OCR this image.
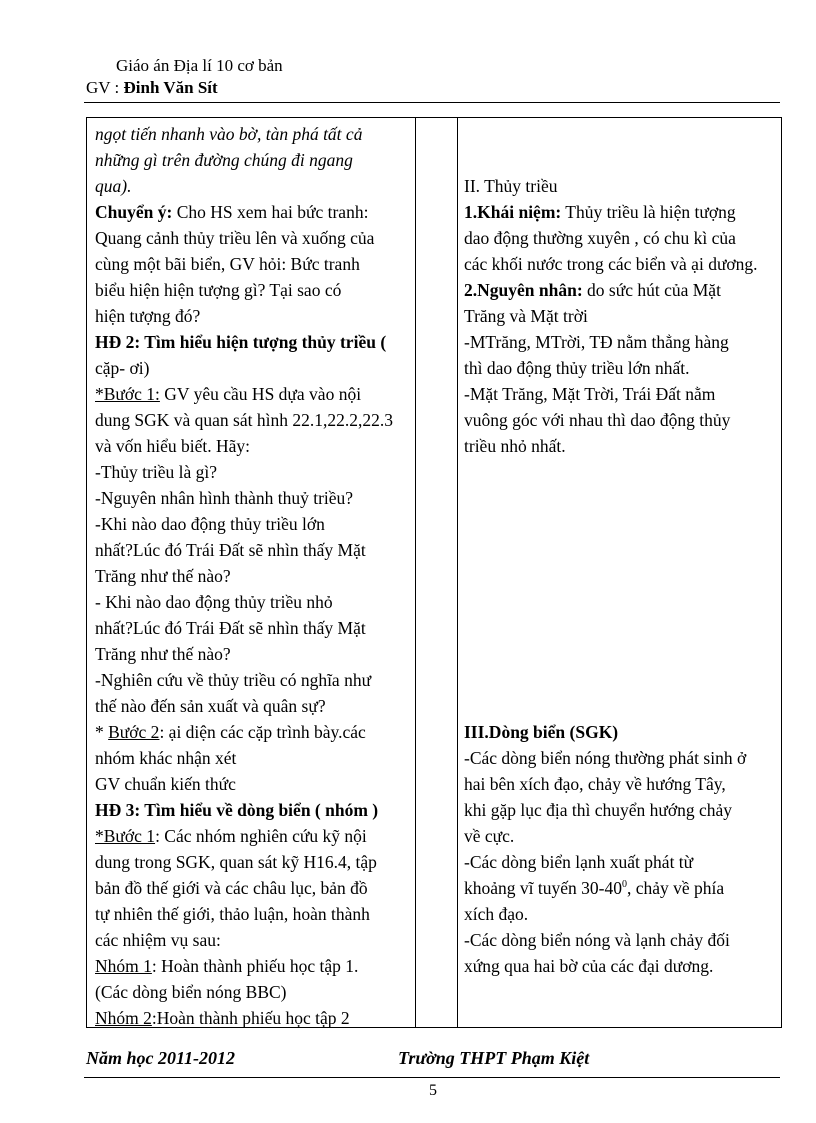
Giáo án Địa lí 10 cơ bản
GV : Đinh Văn Sít

ngọt tiến nhanh vào bờ, tàn phá tất cả

những gì trên đường chúng đi ngang

qua).

Chuyển ý: Cho HS xem hai bức tranh:

Quang cảnh thủy triều lên và xuống của

cùng một bãi biển, GV hỏi: Bức tranh

biểu hiện hiện tượng gì? Tại sao có

hiện tượng đó?

HĐ 2: Tìm hiểu hiện tượng thủy triều (

cặp- ơi)

*Bước 1: GV yêu cầu HS dựa vào nội

dung SGK và quan sát hình 22.1,22.2,22.3

và vốn hiểu biết. Hãy:

-Thủy triều là gì?

-Nguyên nhân hình thành thuỷ triều?

-Khi nào dao động thủy triều lớn

nhất?Lúc đó Trái Đất sẽ nhìn thấy Mặt

Trăng như thế nào?

- Khi nào dao động thủy triều nhỏ

nhất?Lúc đó Trái Đất sẽ nhìn thấy Mặt

Trăng như thế nào?

-Nghiên cứu về thủy triều có nghĩa như

thế nào đến sản xuất và quân sự?

* Bước 2: ại diện các cặp trình bày.các

nhóm khác nhận xét

GV chuẩn kiến thức

HĐ 3: Tìm hiểu về dòng biển ( nhóm )

*Bước 1: Các nhóm nghiên cứu kỹ nội

dung trong SGK, quan sát kỹ H16.4, tập

bản đồ thế giới và các châu lục, bản đồ

tự nhiên thế giới, thảo luận, hoàn thành

các nhiệm vụ sau:

Nhóm 1: Hoàn thành phiếu học tập 1.

(Các dòng biển nóng BBC)

Nhóm 2:Hoàn thành phiếu học tập 2

II. Thủy triều

1.Khái niệm: Thủy triều là hiện tượng

dao động thường xuyên , có chu kì của

các khối nước trong các biển và ại dương.

2.Nguyên nhân: do sức hút của Mặt

Trăng và Mặt trời

-MTrăng, MTrời, TĐ nằm thẳng hàng

thì dao động thủy triều lớn nhất.

-Mặt Trăng, Mặt Trời, Trái Đất nằm

vuông góc với nhau thì dao động thủy

triều nhỏ nhất.

III.Dòng biển (SGK)

-Các dòng biển nóng thường phát sinh ở

hai bên xích đạo, chảy về hướng Tây,

khi gặp lục địa thì chuyển hướng chảy

về cực.

-Các dòng biển lạnh xuất phát từ

khoảng vĩ tuyến $30-40^0$, chảy về phía

xích đạo.

-Các dòng biển nóng và lạnh chảy đối

xứng qua hai bờ của các đại dương.

Năm học 2011-2012	Trường THPT Phạm Kiệt
5
